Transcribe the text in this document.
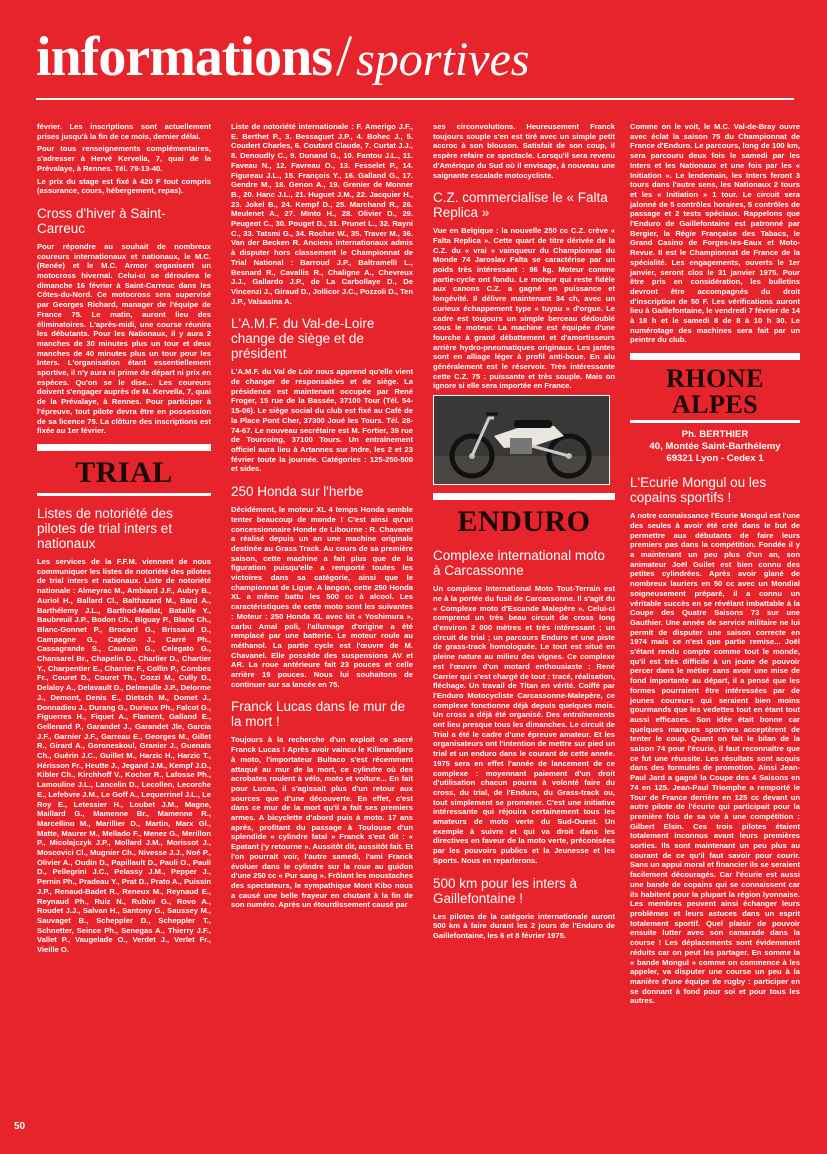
informations/sportives

février. Les inscriptions sont actuellement prises jusqu'à la fin de ce mois, dernier délai.

Pour tous renseignements complémentaires, s'adresser à Hervé Kervella, 7, quai de la Prévalaye, à Rennes. Tél. 79-13-40.

Le prix du stage est fixé à 420 F tout compris (assurance, cours, hébergement, repas).

Cross d'hiver à Saint-Carreuc

Pour répondre au souhait de nombreux coureurs internationaux et nationaux, le M.C. (Renée) et le M.C. Armor organisent un motocross hivernal. Celui-ci se déroulera le dimanche 16 février à Saint-Carreuc dans les Côtes-du-Nord. Ce motocross sera supervisé par Georges Richard, manager de l'équipe de France 75. Le matin, auront lieu des éliminatoires. L'après-midi, une course réunira les débutants. Pour les Nationaux, il y aura 2 manches de 30 minutes plus un tour et deux manches de 40 minutes plus un tour pour les Inters. L'organisation étant essentiellement sportive, il n'y aura ni prime de départ ni prix en espèces. Qu'on se le dise... Les coureurs doivent s'engager auprès de M. Kervella, 7, quai de la Prévalaye, à Rennes. Pour participer à l'épreuve, tout pilote devra être en possession de sa licence 75. La clôture des inscriptions est fixée au 1er février.

TRIAL
Listes de notoriété des pilotes de trial inters et nationaux

Les services de la F.F.M. viennent de nous communiquer les listes de notoriété des pilotes de trial inters et nationaux. Liste de notoriété nationale : Almeyrac M., Ambiard J.F., Aubry B., Auriol H., Ballard Cl., Balthazard M., Bard A., Barthélemy J.L., Barthod-Mallat, Bataille Y., Baubreuil J.P., Bodon Ch., Biguay P., Blanc Ch., Blanc-Gonnet P., Brocard G., Brissaud D., Campagne G., Capéco J., Carré Ph., Cassagrande S., Cauvain G., Celegato G., Chansarel Br., Chapelin D., Charlier D., Chartier Y., Charpentier E., Charrier F., Collin P., Combes Fr., Couret D., Couret Th., Cozzi M., Cully D., Delaloy A., Delavault D., Delmeulle J.P., Delorme J., Demont, Denis E., Dietsch M., Domet J., Donnadieu J., Durang G., Durieux Ph., Falcot G., Figuerres H., Fiquet A., Flament, Galland E., Gellerand P., Garandet J., Garandet Jle, Garcia J.F., Garnier J.F., Garreau E., Georges M., Gillet R., Girard A., Goroneskoul, Granier J., Guenais Ch., Guérin J.C., Guillet M., Harzic H., Harzic T., Hérisson Fr., Heutte J., Jegand J.M., Kempf J.D., Kibler Ch., Kirchhoff V., Kocher R., Lafosse Ph., Lamouline J.L., Lancelin D., Lecollen, Lecorche E., Lefebvre J.M., Le Goff A., Lequerrinel J.L., Le Roy E., Letessier H., Loubet J.M., Magne, Maillard G., Mamenne Br., Mamenne R., Marcellino M., Marillier D., Martin, Marx Gl., Matte, Maurer M., Mellado F., Menez G., Merillon P., Micolajczyk J.P., Mollard J.M., Morissot J., Moscovici Cl., Mugnier Ch., Nivesse J.J., Noé P., Olivier A., Oudin D., Papillault D., Pauli O., Pauli D., Pellegrini J.C., Pelassy J.M., Pepper J., Pernin Ph., Pradeau Y., Prat D., Prato A., Puissin J.P., Renaud-Badet R., Reneux M., Reynaud E., Reynaud Ph., Ruiz N., Rubini G., Rovo A., Roudet J.J., Salvan H., Santony G., Saussey M., Sauvaget B., Scheppler D., Scheppler T., Schnetter, Seince Ph., Senegas A., Thierry J.F., Vallet P., Vaugelade O., Verdet J., Verlet Fr., Vieille O.

Liste de notoriété internationale : F. Amerigo J.F., E. Berthet P., 3. Bessaguet J.P., 4. Bohec J., 5. Coudert Charles, 6. Coutard Claude, 7. Curtat J.J., 8. Denoudly C., 9. Dunand G., 10. Fantou J.L., 11. Faveau N., 12. Favreau O., 13. Fesselet P., 14. Figureau J.L., 15. François Y., 16. Galland G., 17. Gendre M., 18. Genon A., 19. Grenier de Monner B., 20. Hanc J.L., 21. Huguet J.M., 22. Jacquier H., 23. Jokel B., 24. Kempf D., 25. Marchand R., 26. Meulenet A., 27. Minto H., 28. Olivier D., 29. Peugeot C., 30. Pouget D., 31. Prunet L., 32. Rayni C., 33. Tatsmi G., 34. Rocher W., 35. Traver M., 36. Van der Becken R. Anciens internationaux admis à disputer hors classement le Championnat de Trial National : Barroud J.P., Baltramelli L., Besnard R., Cavallis R., Chaligne A., Chevreux J.J., Gallardo J.P., de La Carbollaye D., De Vincenzi J., Giraud D., Jollicor J.C., Pozzoli D., Ten J.P., Valsasina A.

L'A.M.F. du Val-de-Loire change de siège et de président

L'A.M.F. du Val de Loir nous apprend qu'elle vient de changer de responsables et de siège. La présidence est maintenant occupée par René Froger, 15 rue de la Bassée, 37100 Tour (Tél. 54-15-06). Le siège social du club est fixé au Café de la Place Pont Cher, 37300 Joué les Tours. Tél. 28-74-67. Le nouveau secrétaire est M. Fortier, 39 rue de Tourcoing, 37100 Tours. Un entraînement officiel aura lieu à Artannes sur Indre, les 2 et 23 février toute la journée. Catégories : 125-250-500 et sides.

250 Honda sur l'herbe

Décidément, le moteur XL 4 temps Honda semble tenter beaucoup de monde ! C'est ainsi qu'un concessionnaire Honde de Libourne : R. Chavanel a réalisé depuis un an une machine originale destinée au Grass Track. Au cours de sa première saison, cette machine a fait plus que de la figuration puisqu'elle a remporté toutes les victoires dans sa catégorie, ainsi que le championnat de Ligue. A langon, cette 250 Honda XL a même battu les 500 cc à alcool. Les caractéristiques de cette moto sont les suivantes : Moteur : 250 Honda XL avec kit « Yoshimura », carbu Amal poli, l'allumage d'origine a été remplacé par une batterie. Le moteur roule au méthanol. La partie cycle est l'œuvre de M. Chavanel. Elle possède des suspensions AV et AR. La roue antérieure fait 23 pouces et celle arrière 19 pouces. Nous lui souhaitons de continuer sur sa lancée en 75.

Franck Lucas dans le mur de la mort !

Toujours à la recherche d'un exploit ce sacré Franck Lucas ! Après avoir vaincu le Kilimandjaro à moto, l'importateur Bultaco s'est récemment attaqué au mur de la mort, ce cylindre où des acrobates roulent à vélo, moto et voiture... En fait pour Lucas, il s'agissait plus d'un retour aux sources que d'une découverte. En effet, c'est dans ce mur de la mort qu'il a fait ses premiers armes. A bicyclette d'abord puis à moto. 17 ans après, profitant du passage à Toulouse d'un splendide « cylindre fatal » Franck s'est dit : « Epatant j'y retourne ». Aussitôt dit, aussitôt fait. Et l'on pourrait voir, l'autre samedi, l'ami Franck évoluer dans le cylindre sur la roue au guidon d'une 250 cc « Pur sang ». Frôlant les moustaches des spectateurs, le sympathique Mont Kibo nous a causé une belle frayeur en chutant à la fin de son numéro. Après un étourdissement causé par

ses circonvolutions. Heureusement Franck toujours souple s'en est tiré avec un simple petit accroc à son blouson. Satisfait de son coup, il espère refaire ce spectacle. Lorsqu'il sera revenu d'Amérique du Sud où il envisage, à nouveau une saignante escalade motocycliste.

C.Z. commercialise le « Falta Replica »

Vue en Belgique : la nouvelle 250 cc C.Z. crève « Falta Replica ». Cette quart de titre dérivée de la C.Z. du « vrai » vainqueur du Championnat du Monde 74 Jaroslav Falta se caractérise par un poids très intéressant : 96 kg. Moteur comme partie-cycle ont fondu. Le moteur qui reste fidèle aux canons C.Z. a gagné en puissance et longévité. Il délivre maintenant 34 ch, avec un curieux échappement type « tuyau » d'orgue. Le cadre est toujours un simple berceau dédoublé sous le moteur. La machine est équipée d'une fourche à grand débattement et d'amortisseurs arrière hydro-pneumatiques originaux. Les jantes sont en alliage léger à profil anti-boue. En alu généralement est le réservoir. Très intéressante cette C.Z. 75 : puissante et très souple. Mais on ignore si elle sera importée en France.

ENDURO
Complexe international moto à Carcassonne

Un complexe International Moto Tout-Terrain est ne à la portée du fusil de Carcassonne. Il s'agit du « Complexe moto d'Escande Malepère ». Celui-ci comprend un très beau circuit de cross long d'environ 2 000 mètres et très intéressant ; un circuit de trial ; un parcours Enduro et une piste de grass-track homologuée. Le tout est situé en pleine nature au milieu des vignes. Ce complexe est l'œuvre d'un motard enthousiaste : René Carrier qui s'est chargé de tout : tracé, réalisation, fléchage. Un travail de Titan en vérité. Coiffé par l'Enduro Motocycliste Carcassonne-Malepère, ce complexe fonctionne déjà depuis quelques mois. Un cross a déjà été organisé. Des entraînements ont lieu presque tous les dimanches. Le circuit de Trial a été le cadre d'une épreuve amateur. Et les organisateurs ont l'intention de mettre sur pied un trial et un enduro dans le courant de cette année. 1975 sera en effet l'année de lancement de ce complexe : moyennant paiement d'un droit d'utilisation chacun pourra à volonté faire du cross, du trial, de l'Enduro, du Grass-track ou, tout simplement se promener. C'est une initiative intéressante qui réjouira certainement tous les amateurs de moto verte du Sud-Ouest. Un exemple à suivre et qui va droit dans les directives en faveur de la moto verte, préconisées par les pouvoirs publics et la Jeunesse et les Sports. Nous en reparlerons.

500 km pour les inters à Gaillefontaine !

Les pilotes de la catégorie internationale auront 500 km à faire durant les 2 jours de l'Enduro de Gaillefontaine, les 6 et 8 février 1975.

Comme on le voit, le M.C. Val-de-Bray ouvre avec éclat la saison 75 du Championnat de France d'Enduro. Le parcours, long de 100 km, sera parcouru deux fois le samedi par les Inters et les Nationaux et une fois par les « Initiation ». Le lendemain, les Inters feront 3 tours dans l'autre sens, les Nationaux 2 tours et les « Initiation » 1 tour. Le circuit sera jalonné de 5 contrôles horaires, 5 contrôles de passage et 2 tests spéciaux. Rappelons que l'Enduro de Gaillefontaine est patronné par Bergier, la Régie Française des Tabacs, le Grand Casino de Forges-les-Eaux et Moto-Revue. Il est le Championnat de France de la spécialité. Les engagements, ouverts le 1er janvier, seront clos le 31 janvier 1975. Pour être pris en considération, les bulletins devront être accompagnés du droit d'inscription de 50 F. Les vérifications auront lieu à Gaillefontaine, le vendredi 7 février de 14 à 18 h et le samedi 8 de 8 à 10 h 30. Le numérotage des machines sera fait par un peintre du club.

RHONE
ALPES
Ph. BERTHIER
40, Montée Saint-Barthélemy
69321 Lyon - Cedex 1
L'Ecurie Mongul ou les copains sportifs !

A notre connaissance l'Ecurie Mongul est l'une des seules à avoir été créé dans le but de permettre aux débutants de faire leurs premiers pas dans la compétition. Fondée il y a maintenant un peu plus d'un an, son animateur Joël Guilet est bien connu des petites cylindrées. Après avoir glané de nombreux lauriers en 50 cc avec un Mondial soigneusement préparé, il a connu un véritable succès en se révélant imbattable à la Coupe des Quatre Saisons 73 sur une Gauthier. Une année de service militaire ne lui permit de disputer une saison correcte en 1974 mais ce n'est que partie remise... Joël s'étant rendu compte comme tout le monde, qu'il est très difficile à un jeune de pouvoir percer dans le métier sans avoir une mise de fond importante au départ, il a pensé que les formes pourraient être intéressées par de jeunes coureurs qui seraient bien moins gourmands que les vedettes tout en étant tout aussi efficaces. Son idée était bonne car quelques marques sportives acceptèrent de tenter le coup. Quant on fait le bilan de la saison 74 pour l'écurie, il faut reconnaître que ce fut une réussite. Les résultats sont acquis dans des formules de promotion. Ainsi Jean-Paul Jard a gagné la Coupe des 4 Saisons en 74 en 125. Jean-Paul Triomphe a remporté le Tour de France derrière en 125 cc devant un autre pilote de l'écurie qui participait pour la première fois de sa vie à une compétition : Gilbert Elsin. Ces trois pilotes étaient totalement inconnus avant leurs premières sorties. Ils sont maintenant un peu plus au courant de ce qu'il faut savoir pour courir. Sans un appui moral et financier ils se seraient facilement découragés. Car l'écurie est aussi une bande de copains qui se connaissent car ils habitent pour la plupart la région lyonnaise. Les membres peuvent ainsi échanger leurs problèmes et leurs astuces dans un esprit totalement sportif. Quel plaisir de pouvoir ensuite lutter avec son camarade dans la course ! Les déplacements sont évidemment réduits car on peut les partager. En somme la « bande Mongul » comme on commence à les appeler, va disputer une course un peu à la manière d'une équipe de rugby : participer en se donnant à fond pour soi et pour tous les autres.

50
